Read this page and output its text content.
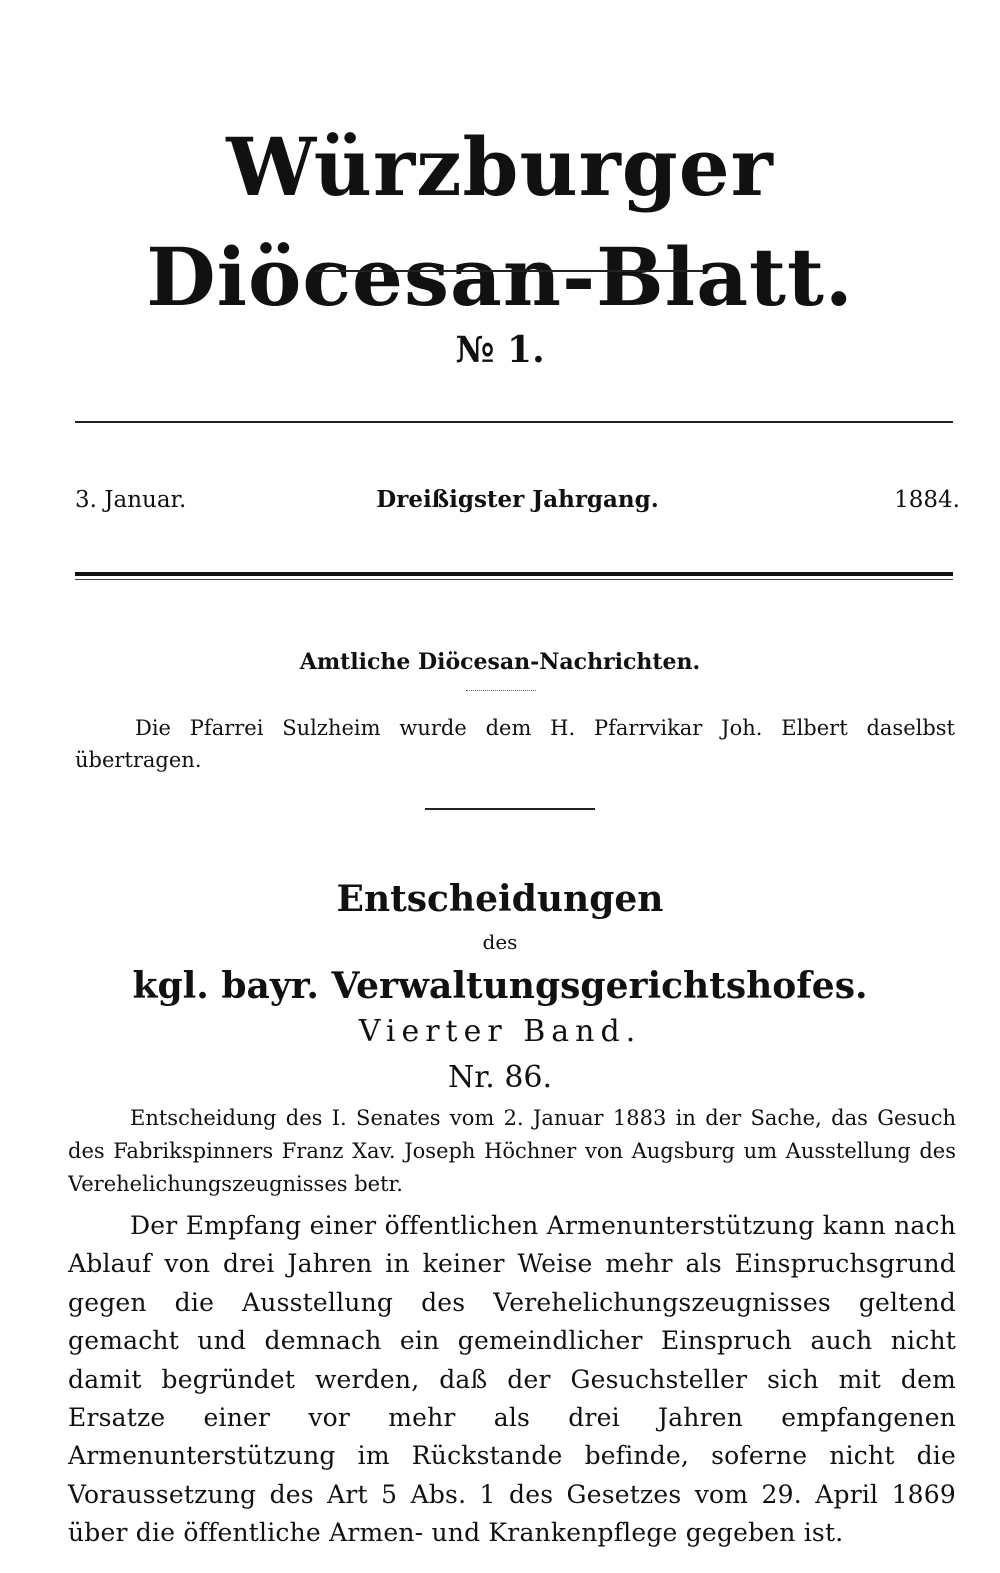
Würzburger Diöcesan-Blatt.
№ 1.
3. Januar.	Dreißigster Jahrgang.	1884.
Amtliche Diöcesan-Nachrichten.
Die Pfarrei Sulzheim wurde dem H. Pfarrvikar Joh. Elbert daselbst übertragen.
Entscheidungen
des
kgl. bayr. Verwaltungsgerichtshofes.
Vierter Band.
Nr. 86.
Entscheidung des I. Senates vom 2. Januar 1883 in der Sache, das Gesuch des Fabrikspinners Franz Xav. Joseph Höchner von Augsburg um Ausstellung des Verehelichungszeugnisses betr.
Der Empfang einer öffentlichen Armenunterstützung kann nach Ablauf von drei Jahren in keiner Weise mehr als Einspruchsgrund gegen die Ausstellung des Verehelichungszeugnisses geltend gemacht und demnach ein gemeindlicher Einspruch auch nicht damit begründet werden, daß der Gesuchsteller sich mit dem Ersatze einer vor mehr als drei Jahren empfangenen Armenunterstützung im Rückstande befinde, soferne nicht die Voraussetzung des Art 5 Abs. 1 des Gesetzes vom 29. April 1869 über die öffentliche Armen- und Krankenpflege gegeben ist.
